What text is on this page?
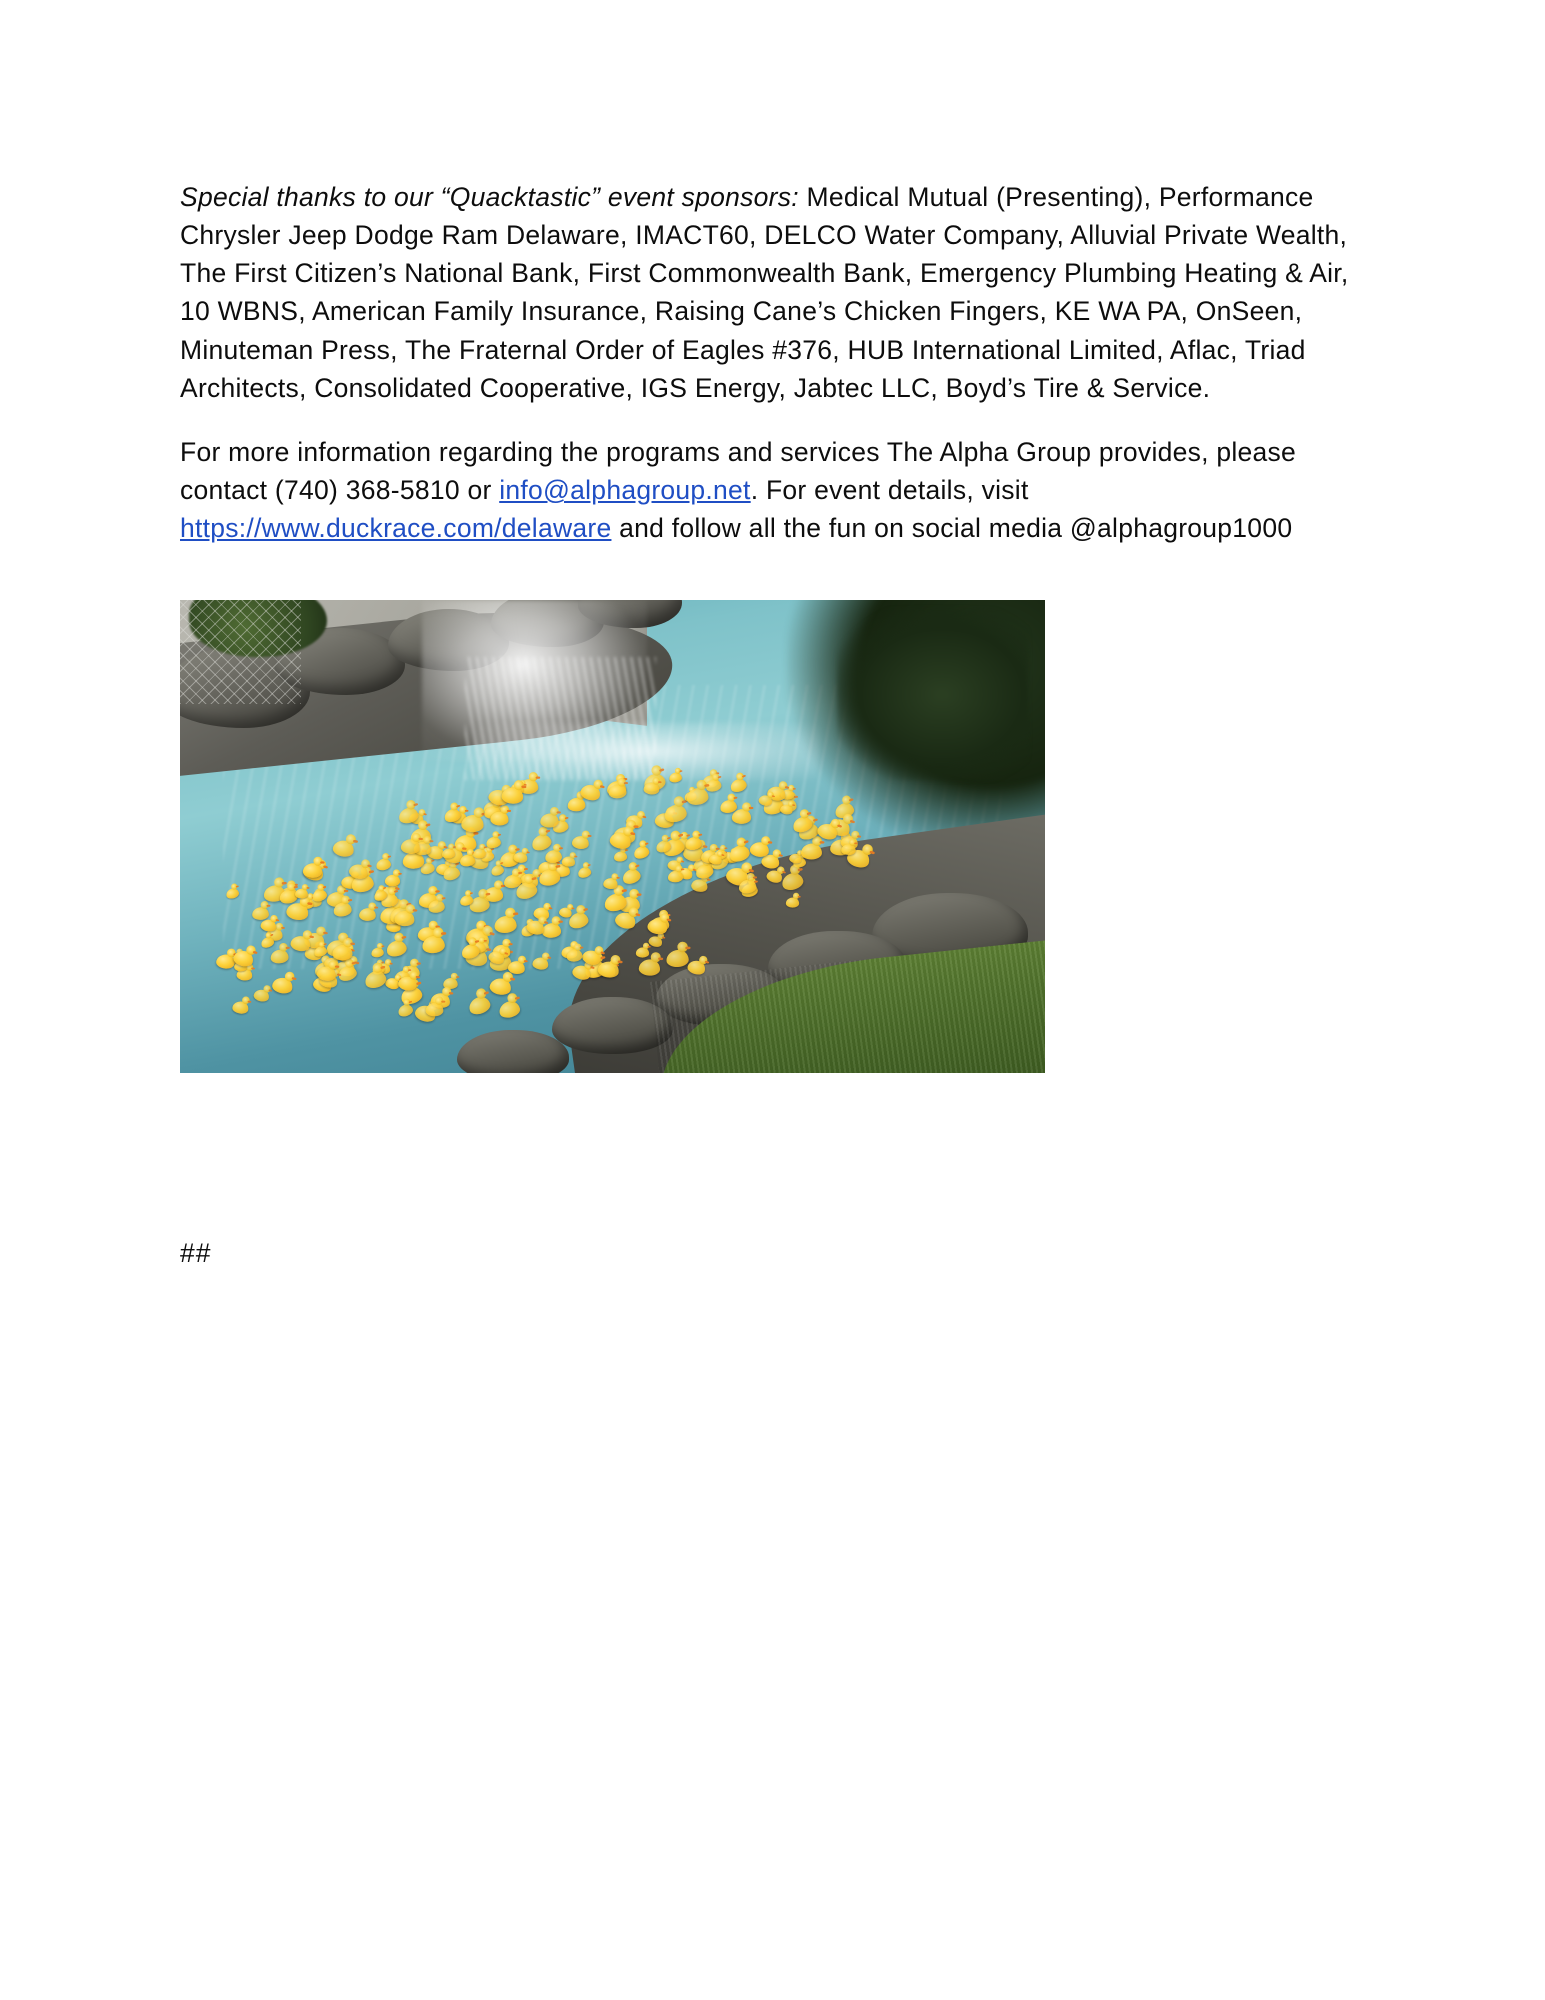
Special thanks to our “Quacktastic” event sponsors: Medical Mutual (Presenting), Performance Chrysler Jeep Dodge Ram Delaware, IMACT60, DELCO Water Company, Alluvial Private Wealth, The First Citizen’s National Bank, First Commonwealth Bank, Emergency Plumbing Heating & Air, 10 WBNS, American Family Insurance, Raising Cane’s Chicken Fingers, KE WA PA, OnSeen, Minuteman Press, The Fraternal Order of Eagles #376, HUB International Limited, Aflac, Triad Architects, Consolidated Cooperative, IGS Energy, Jabtec LLC, Boyd’s Tire & Service.

For more information regarding the programs and services The Alpha Group provides, please contact (740) 368-5810 or info@alphagroup.net. For event details, visit https://www.duckrace.com/delaware and follow all the fun on social media @alphagroup1000

##
